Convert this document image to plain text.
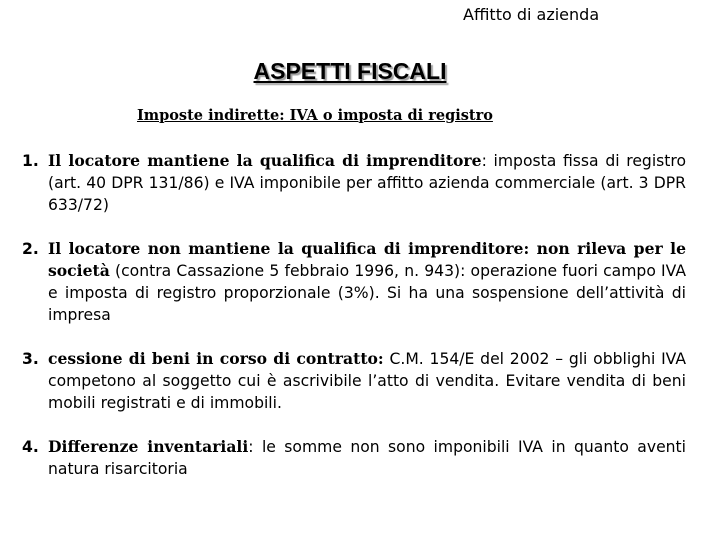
Affitto di azienda
ASPETTI FISCALI
Imposte indirette: IVA o imposta di registro
1. Il locatore mantiene la qualifica di imprenditore: imposta fissa di registro (art. 40 DPR 131/86) e IVA imponibile per affitto azienda commerciale (art. 3 DPR 633/72)
2. Il locatore non mantiene la qualifica di imprenditore: non rileva per le società (contra Cassazione 5 febbraio 1996, n. 943): operazione fuori campo IVA e imposta di registro proporzionale (3%). Si ha una sospensione dell’attività di impresa
3. cessione di beni in corso di contratto: C.M. 154/E del 2002 – gli obblighi IVA competono al soggetto cui è ascrivibile l’atto di vendita. Evitare vendita di beni mobili registrati e di immobili.
4. Differenze inventariali: le somme non sono imponibili IVA in quanto aventi natura risarcitoria
